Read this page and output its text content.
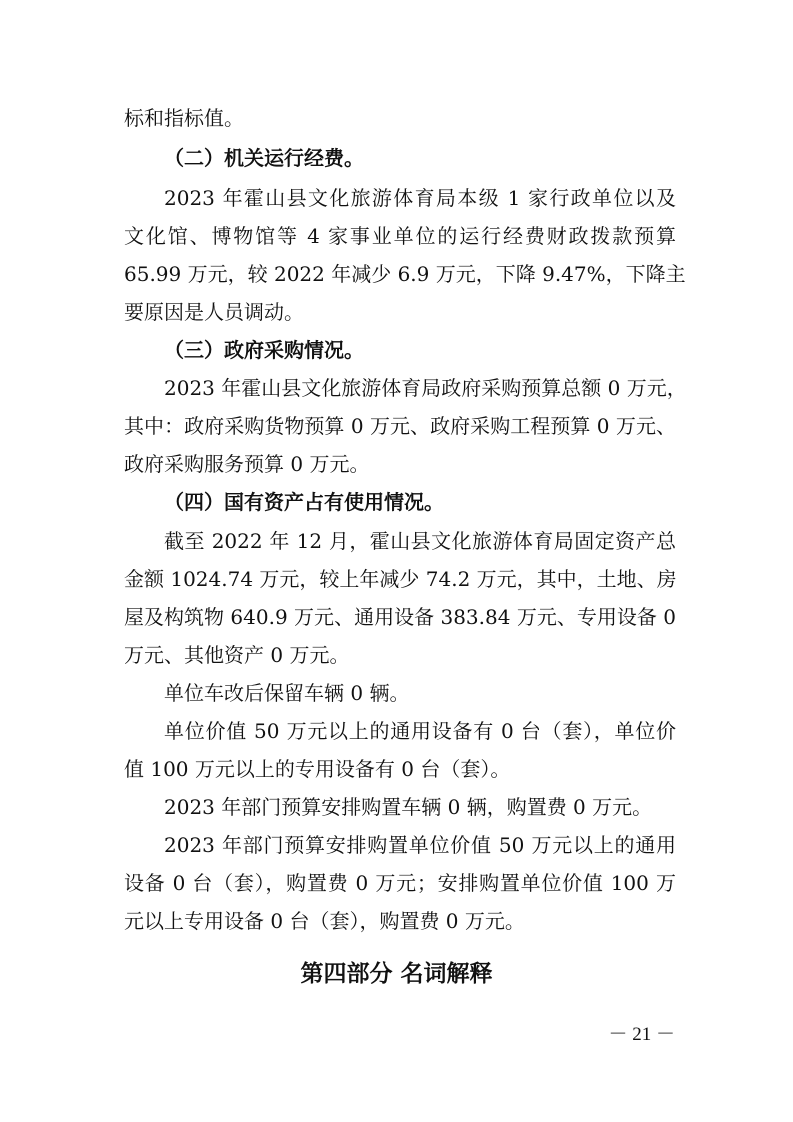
标和指标值。
（二）机关运行经费。
2023 年霍山县文化旅游体育局本级 1 家行政单位以及
文化馆、博物馆等 4 家事业单位的运行经费财政拨款预算
65.99 万元，较 2022 年减少 6.9 万元，下降 9.47%，下降主
要原因是人员调动。
（三）政府采购情况。
2023 年霍山县文化旅游体育局政府采购预算总额 0 万元，
其中：政府采购货物预算 0 万元、政府采购工程预算 0 万元、
政府采购服务预算 0 万元。
（四）国有资产占有使用情况。
截至 2022 年 12 月，霍山县文化旅游体育局固定资产总
金额 1024.74 万元，较上年减少 74.2 万元，其中，土地、房
屋及构筑物 640.9 万元、通用设备 383.84 万元、专用设备 0
万元、其他资产 0 万元。
单位车改后保留车辆 0 辆。
单位价值 50 万元以上的通用设备有 0 台（套），单位价
值 100 万元以上的专用设备有 0 台（套）。
2023 年部门预算安排购置车辆 0 辆，购置费 0 万元。
2023 年部门预算安排购置单位价值 50 万元以上的通用
设备 0 台（套），购置费 0 万元；安排购置单位价值 100 万
元以上专用设备 0 台（套），购置费 0 万元。
第四部分 名词解释
－ 21 －
